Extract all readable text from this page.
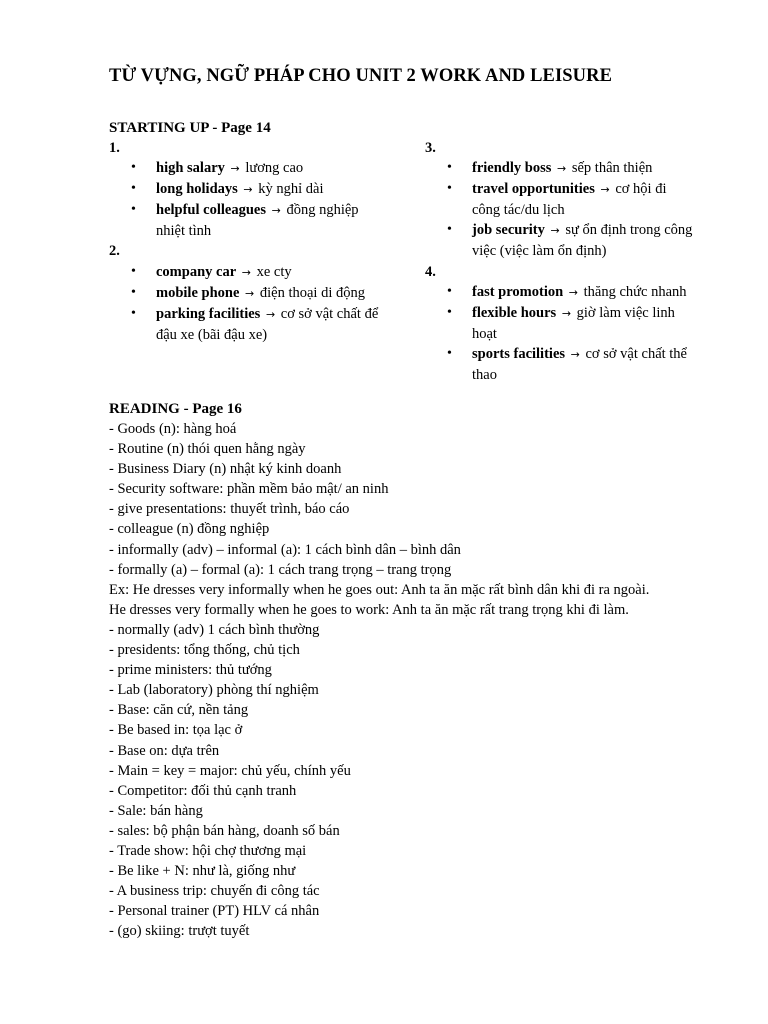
TỪ VỰNG, NGỮ PHÁP CHO UNIT 2 WORK AND LEISURE
STARTING UP - Page 14
1.
• high salary → lương cao
• long holidays → kỳ nghỉ dài
• helpful colleagues → đồng nghiệp nhiệt tình
2.
• company car → xe cty
• mobile phone → điện thoại di động
• parking facilities → cơ sở vật chất để đậu xe (bãi đậu xe)
3.
• friendly boss → sếp thân thiện
• travel opportunities → cơ hội đi công tác/du lịch
• job security → sự ổn định trong công việc (việc làm ổn định)
4.
• fast promotion → thăng chức nhanh
• flexible hours → giờ làm việc linh hoạt
• sports facilities → cơ sở vật chất thể thao
READING - Page 16
- Goods (n): hàng hoá
- Routine (n) thói quen hằng ngày
- Business Diary (n) nhật ký kinh doanh
- Security software: phần mềm bảo mật/ an ninh
- give presentations: thuyết trình, báo cáo
- colleague (n) đồng nghiệp
- informally (adv) – informal (a): 1 cách bình dân – bình dân
- formally (a) – formal (a): 1 cách trang trọng – trang trọng
Ex: He dresses very informally when he goes out: Anh ta ăn mặc rất bình dân khi đi ra ngoài.
He dresses very formally when he goes to work: Anh ta ăn mặc rất trang trọng khi đi làm.
- normally (adv) 1 cách bình thường
- presidents: tổng thống, chủ tịch
- prime ministers: thủ tướng
- Lab (laboratory) phòng thí nghiệm
- Base: căn cứ, nền tảng
- Be based in: tọa lạc ở
- Base on: dựa trên
- Main = key = major: chủ yếu, chính yếu
- Competitor: đối thủ cạnh tranh
- Sale: bán hàng
- sales: bộ phận bán hàng, doanh số bán
- Trade show: hội chợ thương mại
- Be like + N: như là, giống như
- A business trip: chuyến đi công tác
- Personal trainer (PT) HLV cá nhân
- (go) skiing: trượt tuyết
